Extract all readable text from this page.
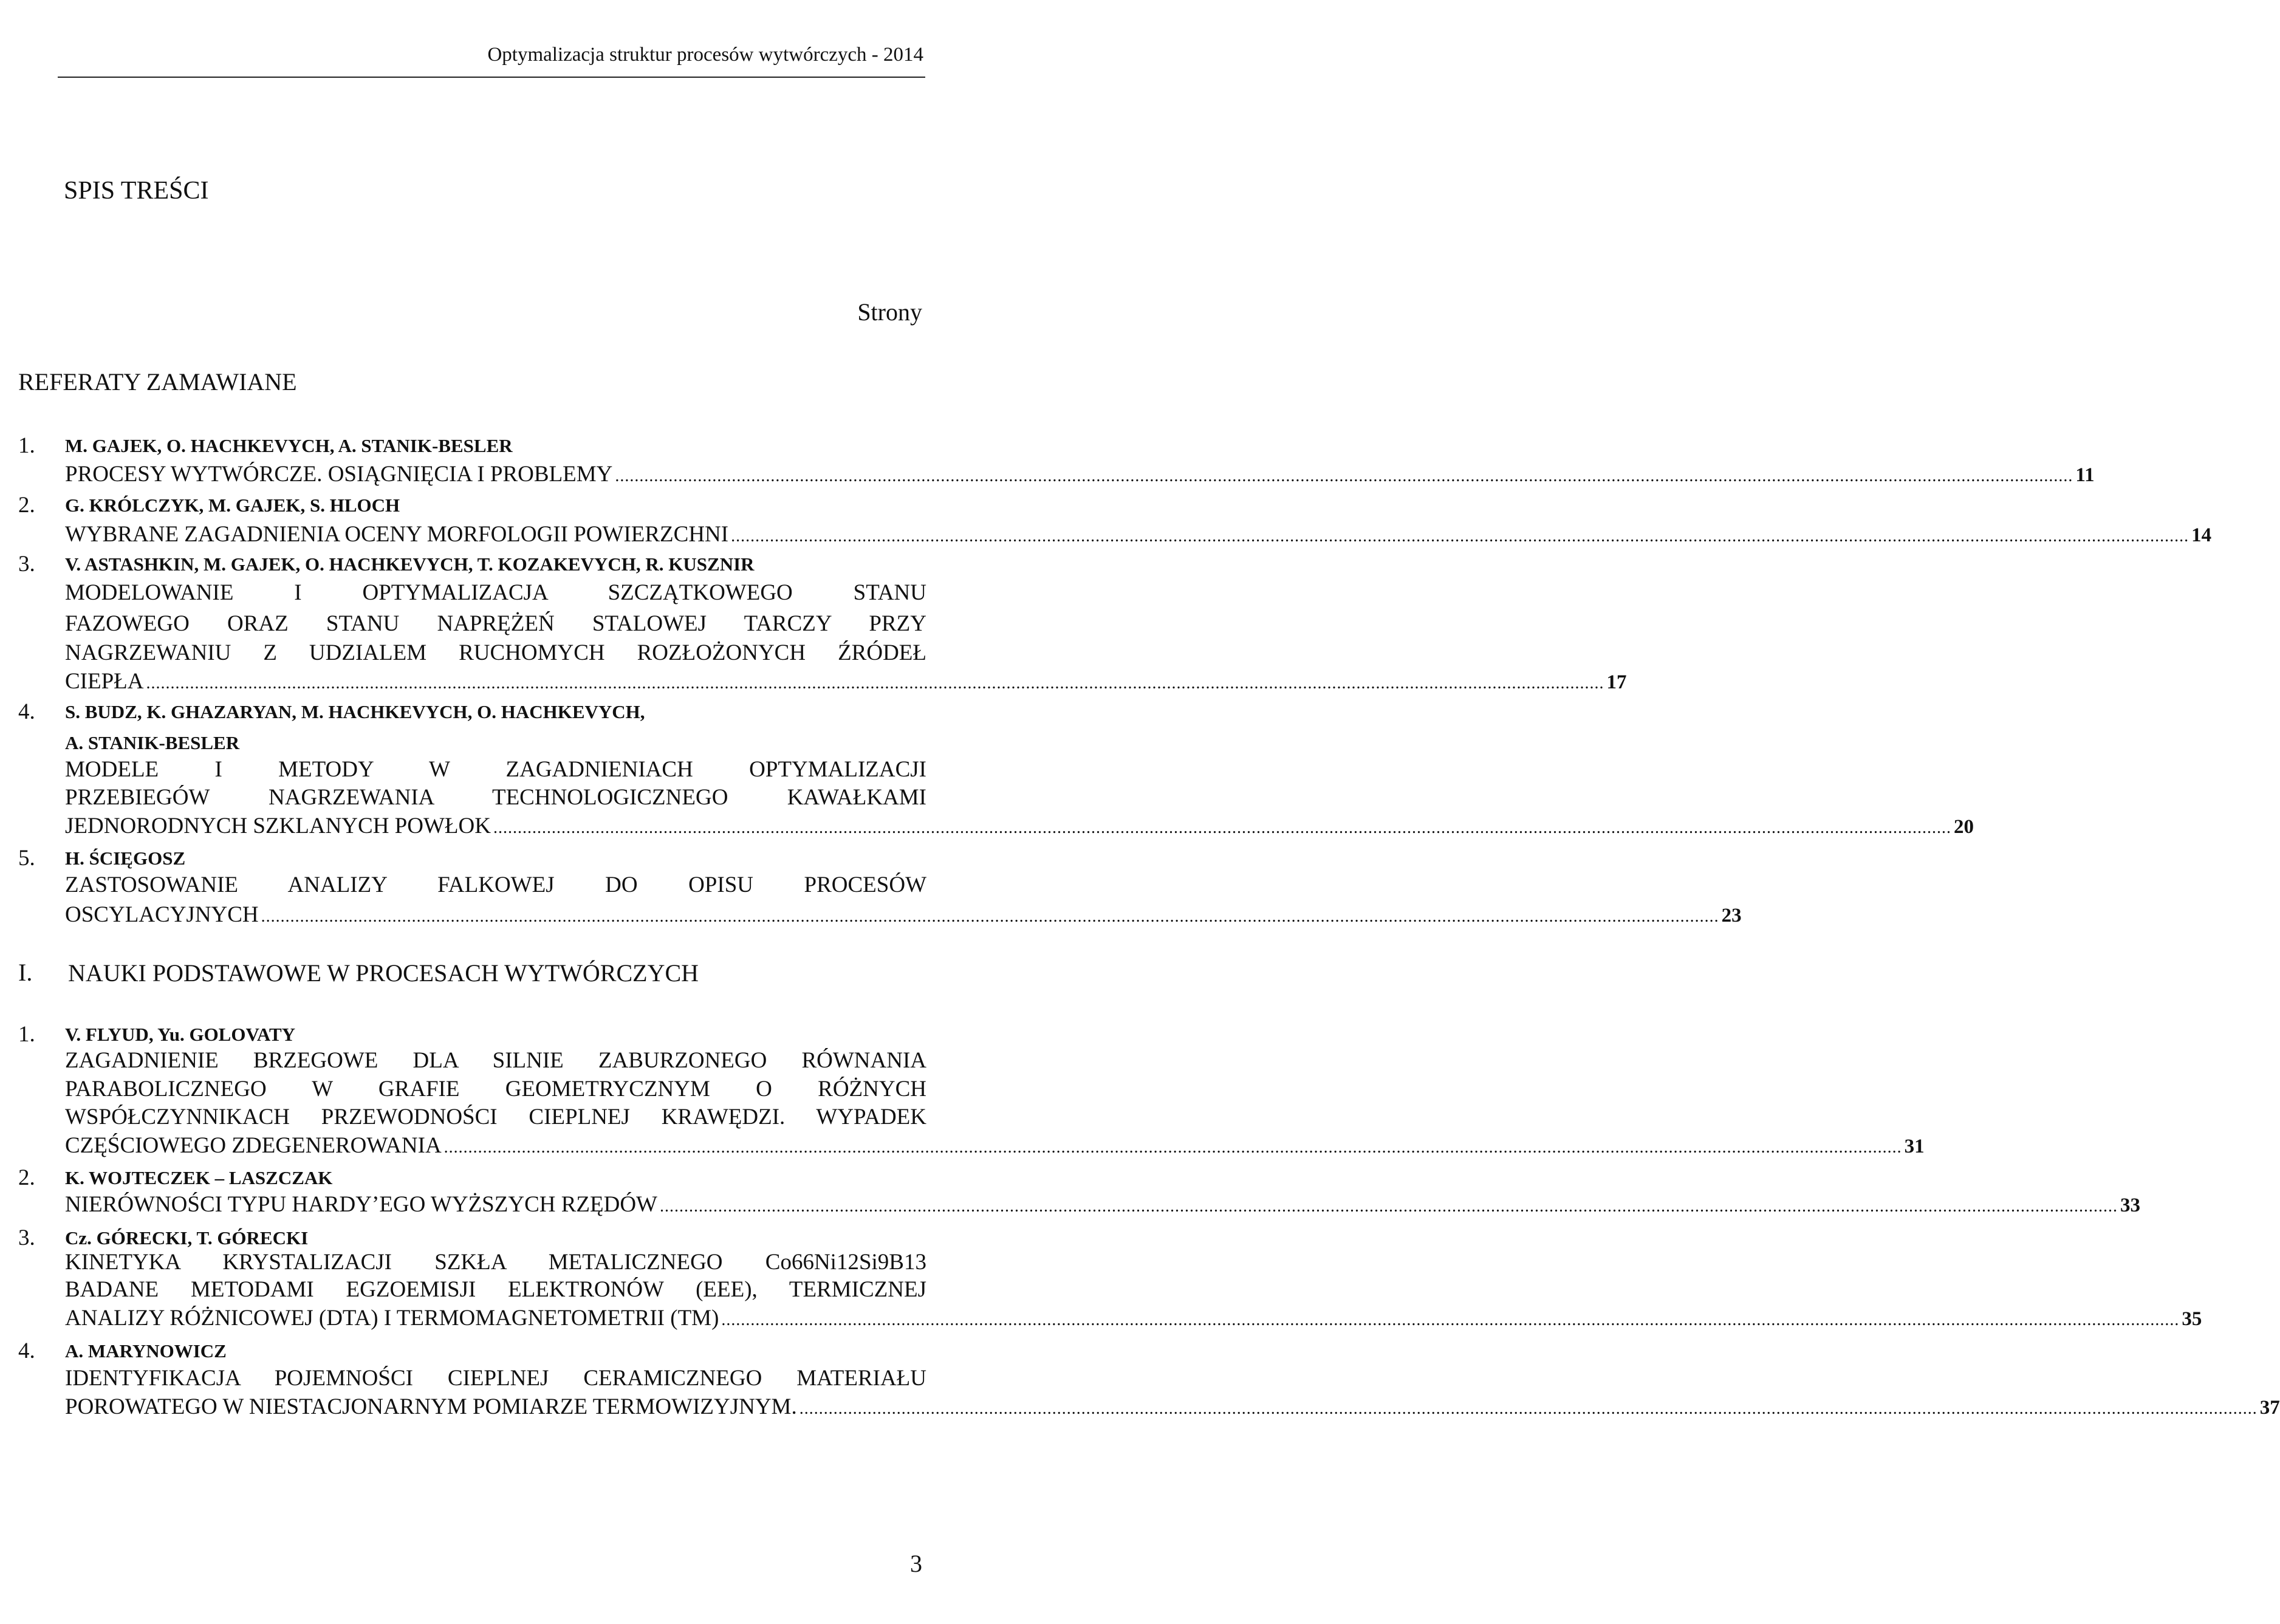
Optymalizacja struktur procesów wytwórczych - 2014
SPIS TREŚCI
Strony
REFERATY ZAMAWIANE
1. M. GAJEK, O. HACHKEVYCH, A. STANIK-BESLER
PROCESY WYTWÓRCZE. OSIĄGNIĘCIA I PROBLEMY ............................................................................................................................................................................................................................................................................................................ 11
2. G. KRÓLCZYK, M. GAJEK, S. HLOCH
WYBRANE ZAGADNIENIA OCENY MORFOLOGII POWIERZCHNI ............................................................................................................................................................................................................................................................................................................ 14
3. V. ASTASHKIN, M. GAJEK, O. HACHKEVYCH, T. KOZAKEVYCH, R. KUSZNIR
MODELOWANIE I OPTYMALIZACJA SZCZĄTKOWEGO STANU
FAZOWEGO ORAZ STANU NAPRĘŻEŃ STALOWEJ TARCZY PRZY
NAGRZEWANIU Z UDZIALEM RUCHOMYCH ROZŁOŻONYCH ŹRÓDEŁ
CIEPŁA ............................................................................................................................................................................................................................................................................................................ 17
4. S. BUDZ, K. GHAZARYAN, M. HACHKEVYCH, O. HACHKEVYCH,
A. STANIK-BESLER
MODELE I METODY W ZAGADNIENIACH OPTYMALIZACJI
PRZEBIEGÓW NAGRZEWANIA TECHNOLOGICZNEGO KAWAŁKAMI
JEDNORODNYCH SZKLANYCH POWŁOK ............................................................................................................................................................................................................................................................................................................ 20
5. H. ŚCIĘGOSZ
ZASTOSOWANIE ANALIZY FALKOWEJ DO OPISU PROCESÓW
OSCYLACYJNYCH ............................................................................................................................................................................................................................................................................................................ 23
I. NAUKI PODSTAWOWE W PROCESACH WYTWÓRCZYCH
1. V. FLYUD, Yu. GOLOVATY
ZAGADNIENIE BRZEGOWE DLA SILNIE ZABURZONEGO RÓWNANIA
PARABOLICZNEGO W GRAFIE GEOMETRYCZNYM O RÓŻNYCH
WSPÓŁCZYNNIKACH PRZEWODNOŚCI CIEPLNEJ KRAWĘDZI. WYPADEK
CZĘŚCIOWEGO ZDEGENEROWANIA ............................................................................................................................................................................................................................................................................................................ 31
2. K. WOJTECZEK – LASZCZAK
NIERÓWNOŚCI TYPU HARDY’EGO WYŻSZYCH RZĘDÓW ............................................................................................................................................................................................................................................................................................................ 33
3. Cz. GÓRECKI, T. GÓRECKI
KINETYKA KRYSTALIZACJI SZKŁA METALICZNEGO Co66Ni12Si9B13
BADANE METODAMI EGZOEMISJI ELEKTRONÓW (EEE), TERMICZNEJ
ANALIZY RÓŻNICOWEJ (DTA) I TERMOMAGNETOMETRII (TM) ............................................................................................................................................................................................................................................................................................................ 35
4. A. MARYNOWICZ
IDENTYFIKACJA POJEMNOŚCI CIEPLNEJ CERAMICZNEGO MATERIAŁU
POROWATEGO W NIESTACJONARNYM POMIARZE TERMOWIZYJNYM. ............................................................................................................................................................................................................................................................................................................ 37
3
